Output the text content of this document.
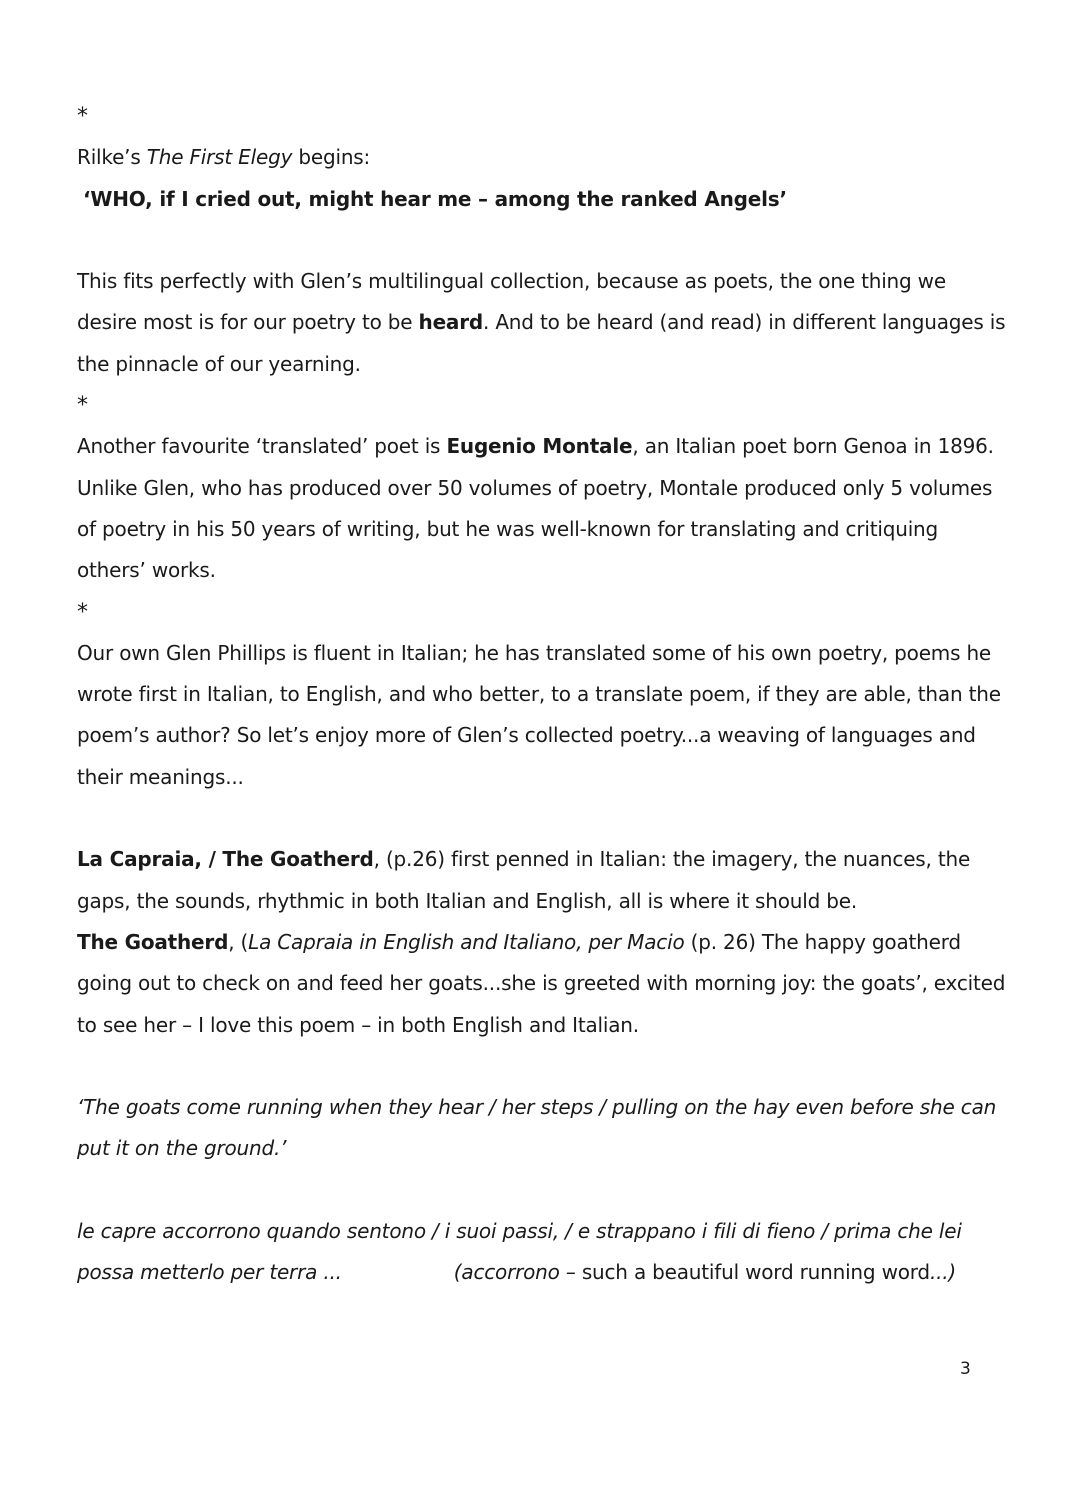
*

Rilke’s The First Elegy begins:

‘WHO, if I cried out, might hear me – among the ranked Angels’

This fits perfectly with Glen’s multilingual collection, because as poets, the one thing we desire most is for our poetry to be heard. And to be heard (and read) in different languages is the pinnacle of our yearning.

*

Another favourite ‘translated’ poet is Eugenio Montale, an Italian poet born Genoa in 1896. Unlike Glen, who has produced over 50 volumes of poetry, Montale produced only 5 volumes of poetry in his 50 years of writing, but he was well-known for translating and critiquing others’ works.

*

Our own Glen Phillips is fluent in Italian; he has translated some of his own poetry, poems he wrote first in Italian, to English, and who better, to a translate poem, if they are able, than the poem’s author? So let’s enjoy more of Glen’s collected poetry...a weaving of languages and their meanings...

La Capraia, / The Goatherd, (p.26) first penned in Italian: the imagery, the nuances, the gaps, the sounds, rhythmic in both Italian and English, all is where it should be.
The Goatherd, (La Capraia in English and Italiano, per Macio (p. 26) The happy goatherd going out to check on and feed her goats...she is greeted with morning joy: the goats’, excited to see her – I love this poem – in both English and Italian.

‘The goats come running when they hear / her steps / pulling on the hay even before she can put it on the ground.’

le capre accorrono quando sentono / i suoi passi, / e strappano i fili di fieno / prima che lei possa metterlo per terra ...	(accorrono – such a beautiful word running word...)

3
